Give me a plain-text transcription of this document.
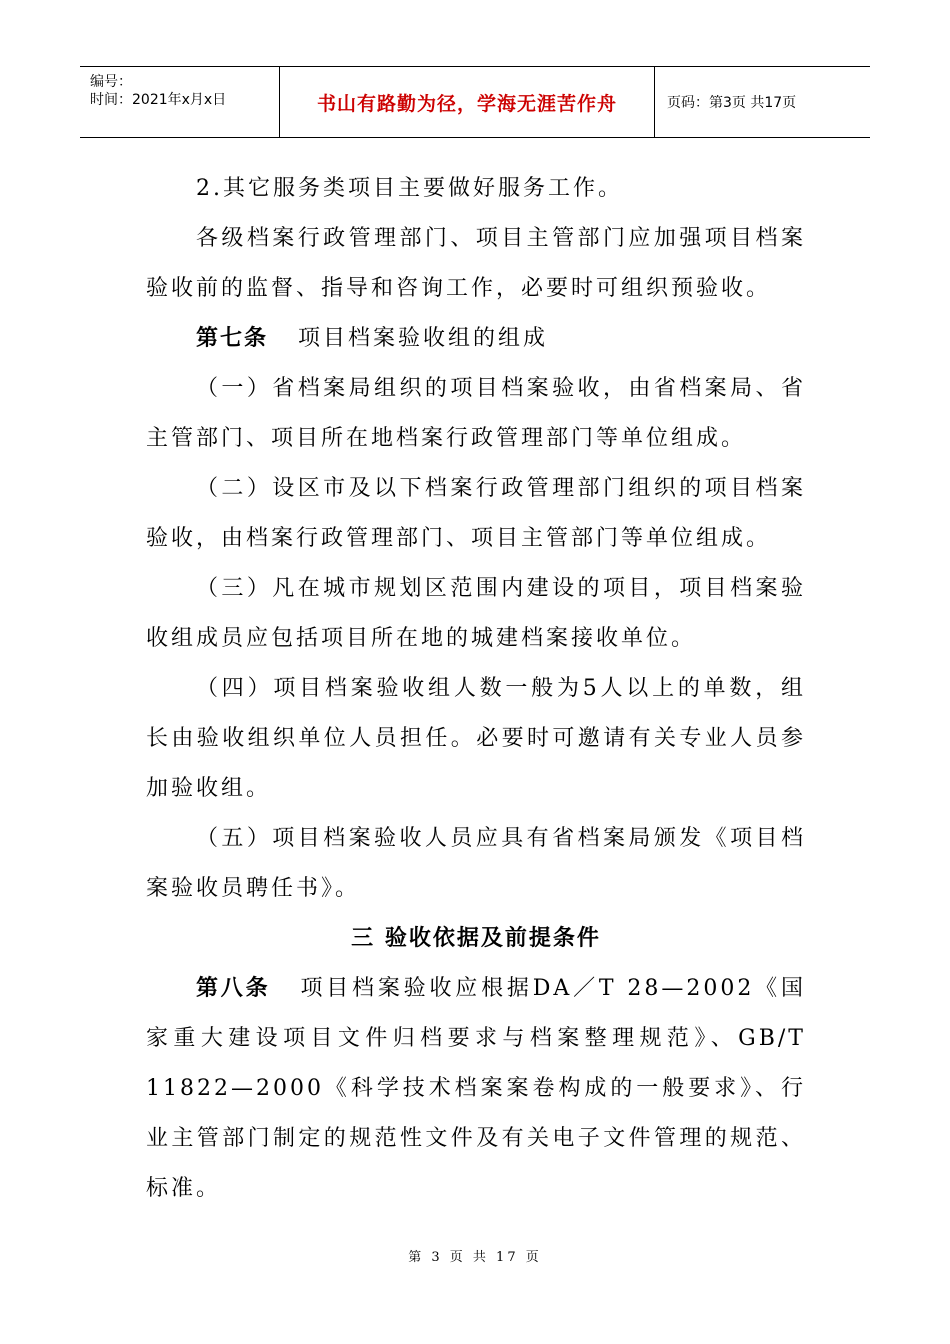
编号：
时间：2021年x月x日	书山有路勤为径，学海无涯苦作舟	页码：第3页 共17页

2.其它服务类项目主要做好服务工作。

各级档案行政管理部门、项目主管部门应加强项目档案验收前的监督、指导和咨询工作，必要时可组织预验收。

第七条 项目档案验收组的组成

（一）省档案局组织的项目档案验收，由省档案局、省主管部门、项目所在地档案行政管理部门等单位组成。

（二）设区市及以下档案行政管理部门组织的项目档案验收，由档案行政管理部门、项目主管部门等单位组成。

（三）凡在城市规划区范围内建设的项目，项目档案验收组成员应包括项目所在地的城建档案接收单位。

（四）项目档案验收组人数一般为5人以上的单数，组长由验收组织单位人员担任。必要时可邀请有关专业人员参加验收组。

（五）项目档案验收人员应具有省档案局颁发《项目档案验收员聘任书》。

三 验收依据及前提条件

第八条 项目档案验收应根据DA／T 28—2002《国家重大建设项目文件归档要求与档案整理规范》、GB/T 11822—2000《科学技术档案案卷构成的一般要求》、行业主管部门制定的规范性文件及有关电子文件管理的规范、标准。

第 3 页 共 17 页
